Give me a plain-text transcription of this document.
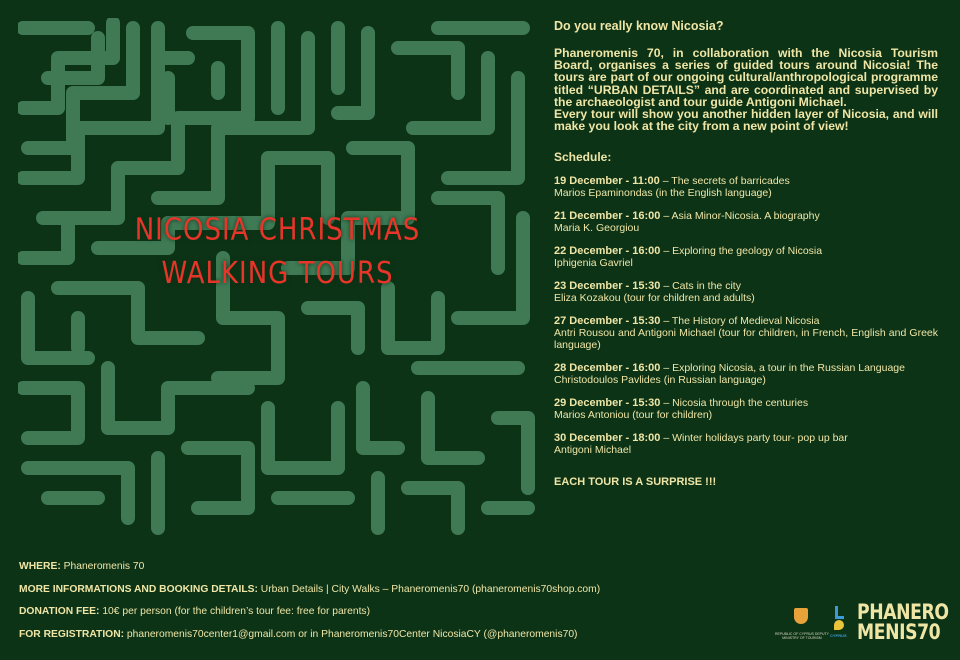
NICOSIA CHRISTMAS
WALKING TOURS
Do you really know Nicosia?
Phaneromenis 70, in collaboration with the Nicosia Tourism Board, organises a series of guided tours around Nicosia! The tours are part of our ongoing cultural/anthropological programme titled “URBAN DETAILS” and are coordinated and supervised by the archaeologist and tour guide Antigoni Michael.
Every tour will show you another hidden layer of Nicosia, and will make you look at the city from a new point of view!
Schedule:
19 December - 11:00 – The secrets of barricades
Marios Epaminondas (in the English language)
21 December - 16:00 – Asia Minor-Nicosia. A biography
Maria K. Georgiou
22 December - 16:00 – Exploring the geology of Nicosia
Iphigenia Gavriel
23 December - 15:30 – Cats in the city
Eliza Kozakou (tour for children and adults)
27 December - 15:30 – The History of Medieval Nicosia
Antri Rousou and Antigoni Michael (tour for children, in French, English and Greek language)
28 December - 16:00 – Exploring Nicosia, a tour in the Russian Language
Christodoulos Pavlides (in Russian language)
29 December - 15:30 – Nicosia through the centuries
Marios Antoniou (tour for children)
30 December - 18:00 – Winter holidays party tour- pop up bar
Antigoni Michael
EACH TOUR IS A SURPRISE !!!
WHERE: Phaneromenis 70
MORE INFORMATIONS AND BOOKING DETAILS: Urban Details | City Walks – Phaneromenis70 (phaneromenis70shop.com)
DONATION FEE: 10€ per person (for the children’s tour fee: free for parents)
FOR REGISTRATION: phaneromenis70center1@gmail.com or in Phaneromenis70Center NicosiaCY (@phaneromenis70)	REPUBLIC OF CYPRUS DEPUTY MINISTRY OF TOURISM	CYPRUS
PHANERO
MENIS70
